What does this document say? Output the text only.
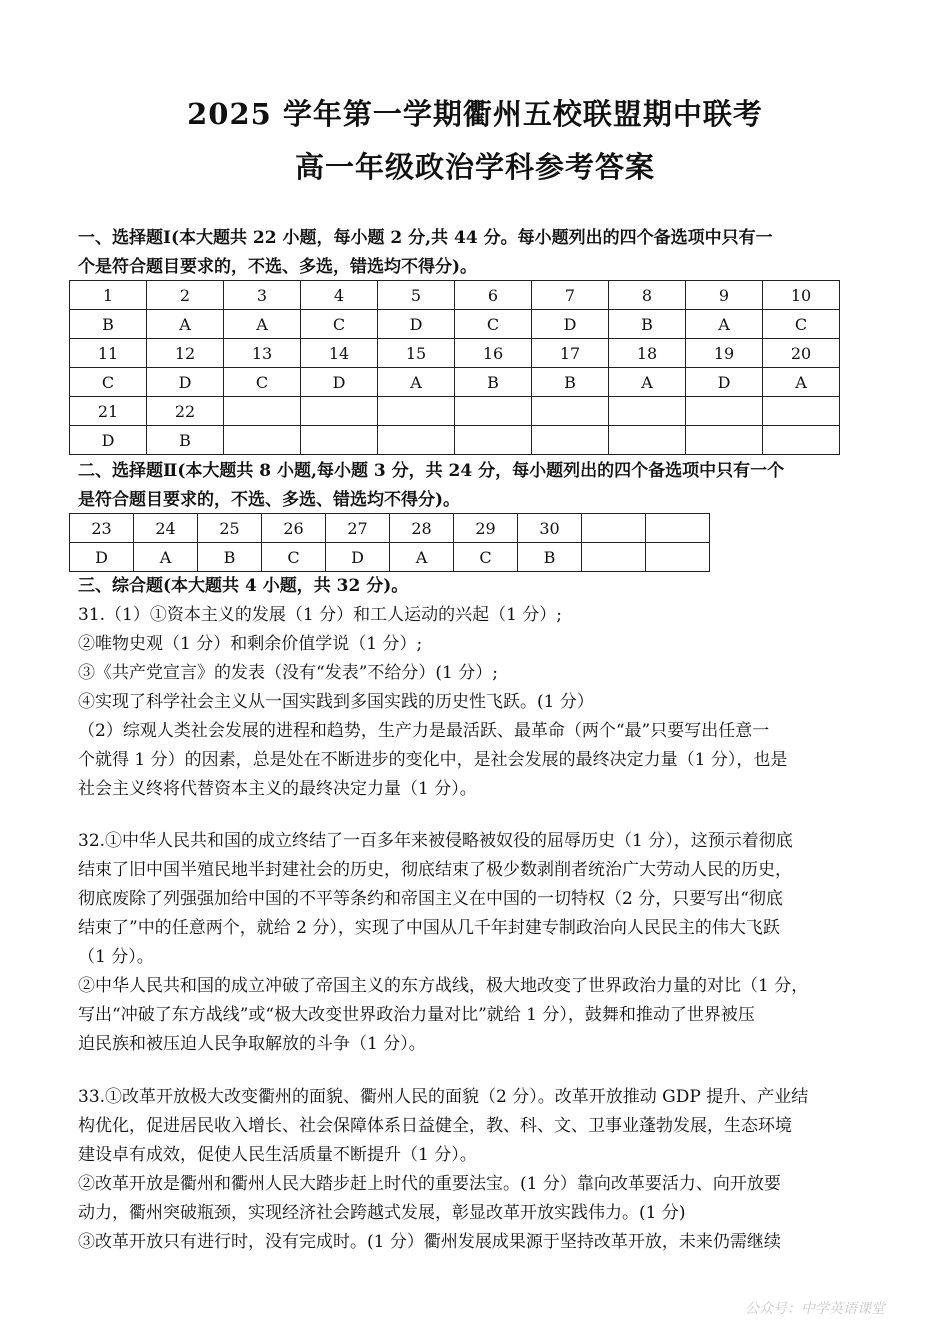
2025 学年第一学期衢州五校联盟期中联考
高一年级政治学科参考答案
一、选择题Ⅰ(本大题共 22 小题，每小题 2 分,共 44 分。每小题列出的四个备选项中只有一
个是符合题目要求的，不选、多选，错选均不得分)。
1	2	3	4	5	6	7	8	9	10
B	A	A	C	D	C	D	B	A	C
11	12	13	14	15	16	17	18	19	20
C	D	C	D	A	B	B	A	D	A
21	22								
D	B								
二、选择题Ⅱ(本大题共 8 小题,每小题 3 分，共 24 分，每小题列出的四个备选项中只有一个
是符合题目要求的，不选、多选、错选均不得分)。
23	24	25	26	27	28	29	30		
D	A	B	C	D	A	C	B		
三、综合题(本大题共 4 小题，共 32 分)。
31.（1）①资本主义的发展（1 分）和工人运动的兴起（1 分）;
②唯物史观（1 分）和剩余价值学说（1 分）;
③《共产党宣言》的发表（没有“发表”不给分）(1 分）;
④实现了科学社会主义从一国实践到多国实践的历史性飞跃。(1 分）
（2）综观人类社会发展的进程和趋势，生产力是最活跃、最革命（两个“最”只要写出任意一
个就得 1 分）的因素，总是处在不断进步的变化中，是社会发展的最终决定力量（1 分），也是
社会主义终将代替资本主义的最终决定力量（1 分）。
32.①中华人民共和国的成立终结了一百多年来被侵略被奴役的屈辱历史（1 分），这预示着彻底
结束了旧中国半殖民地半封建社会的历史，彻底结束了极少数剥削者统治广大劳动人民的历史，
彻底废除了列强强加给中国的不平等条约和帝国主义在中国的一切特权（2 分，只要写出“彻底
结束了”中的任意两个，就给 2 分），实现了中国从几千年封建专制政治向人民民主的伟大飞跃
（1 分）。
②中华人民共和国的成立冲破了帝国主义的东方战线，极大地改变了世界政治力量的对比（1 分，
写出“冲破了东方战线”或“极大改变世界政治力量对比”就给 1 分），鼓舞和推动了世界被压
迫民族和被压迫人民争取解放的斗争（1 分）。
33.①改革开放极大改变衢州的面貌、衢州人民的面貌（2 分）。改革开放推动 GDP 提升、产业结
构优化，促进居民收入增长、社会保障体系日益健全，教、科、文、卫事业蓬勃发展，生态环境
建设卓有成效，促使人民生活质量不断提升（1 分）。
②改革开放是衢州和衢州人民大踏步赶上时代的重要法宝。(1 分）靠向改革要活力、向开放要
动力，衢州突破瓶颈，实现经济社会跨越式发展，彰显改革开放实践伟力。(1 分)
③改革开放只有进行时，没有完成时。(1 分）衢州发展成果源于坚持改革开放，未来仍需继续
公众号：中学英语课堂
